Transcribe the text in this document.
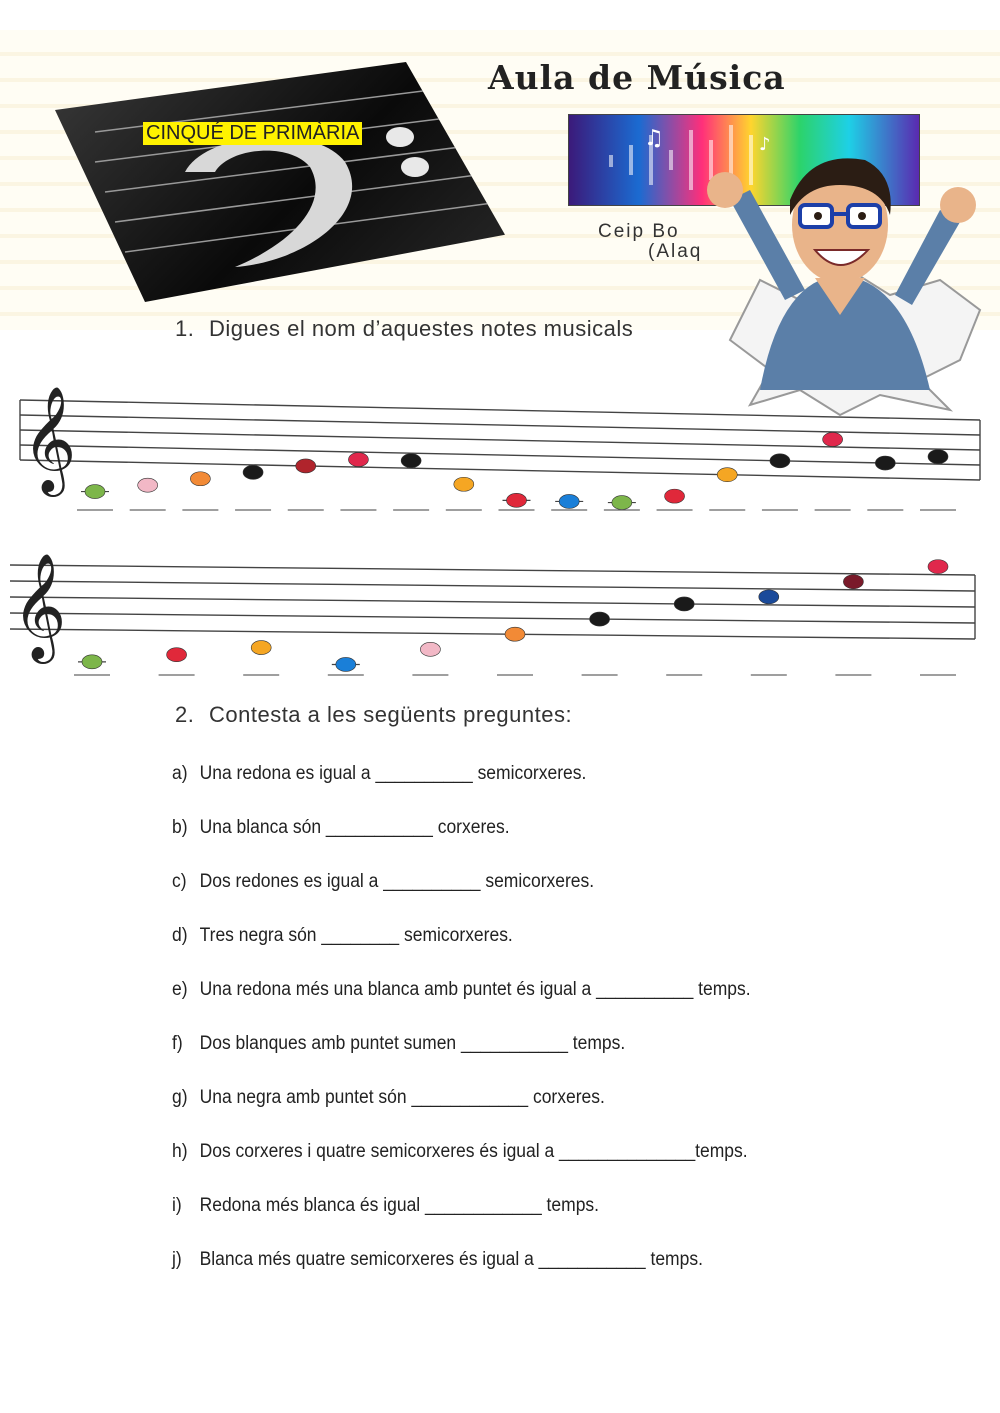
CINQUÉ DE PRIMÀRIA
Aula de Música
♫	♪
Ceip Bo
(Alaq
1. Digues el nom d’aquestes notes musicals
𝄞
𝄞
2. Contesta a les següents preguntes:
a) Una redona es igual a __________ semicorxeres.
b) Una blanca són ___________ corxeres.
c) Dos redones es igual a __________ semicorxeres.
d) Tres negra són ________ semicorxeres.
e) Una redona més una blanca amb puntet és igual a __________ temps.
f) Dos blanques amb puntet sumen ___________ temps.
g) Una negra amb puntet són ____________ corxeres.
h) Dos corxeres i quatre semicorxeres és igual a ______________temps.
i) Redona més blanca és igual ____________ temps.
j) Blanca més quatre semicorxeres és igual a ___________ temps.
